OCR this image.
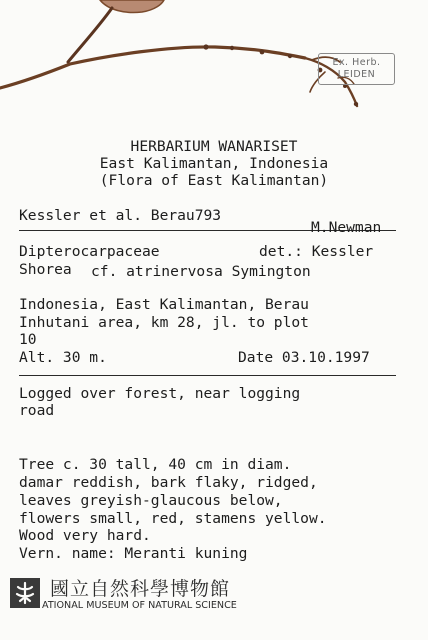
Ex. Herb.
LEIDEN
HERBARIUM WANARISET
East Kalimantan, Indonesia
(Flora of East Kalimantan)
Kessler et al. Berau793
M.Newman
Dipterocarpaceae	det.: Kessler
Shorea cf. atrinervosa Symington
Indonesia, East Kalimantan, Berau
Inhutani area, km 28, jl. to plot
10
Alt. 30 m.	Date 03.10.1997
Logged over forest, near logging
road
Tree c. 30 tall, 40 cm in diam.
damar reddish, bark flaky, ridged,
leaves greyish-glaucous below,
flowers small, red, stamens yellow.
Wood very hard.
Vern. name: Meranti kuning
國立自然科學博物館
ATIONAL MUSEUM OF NATURAL SCIENCE
